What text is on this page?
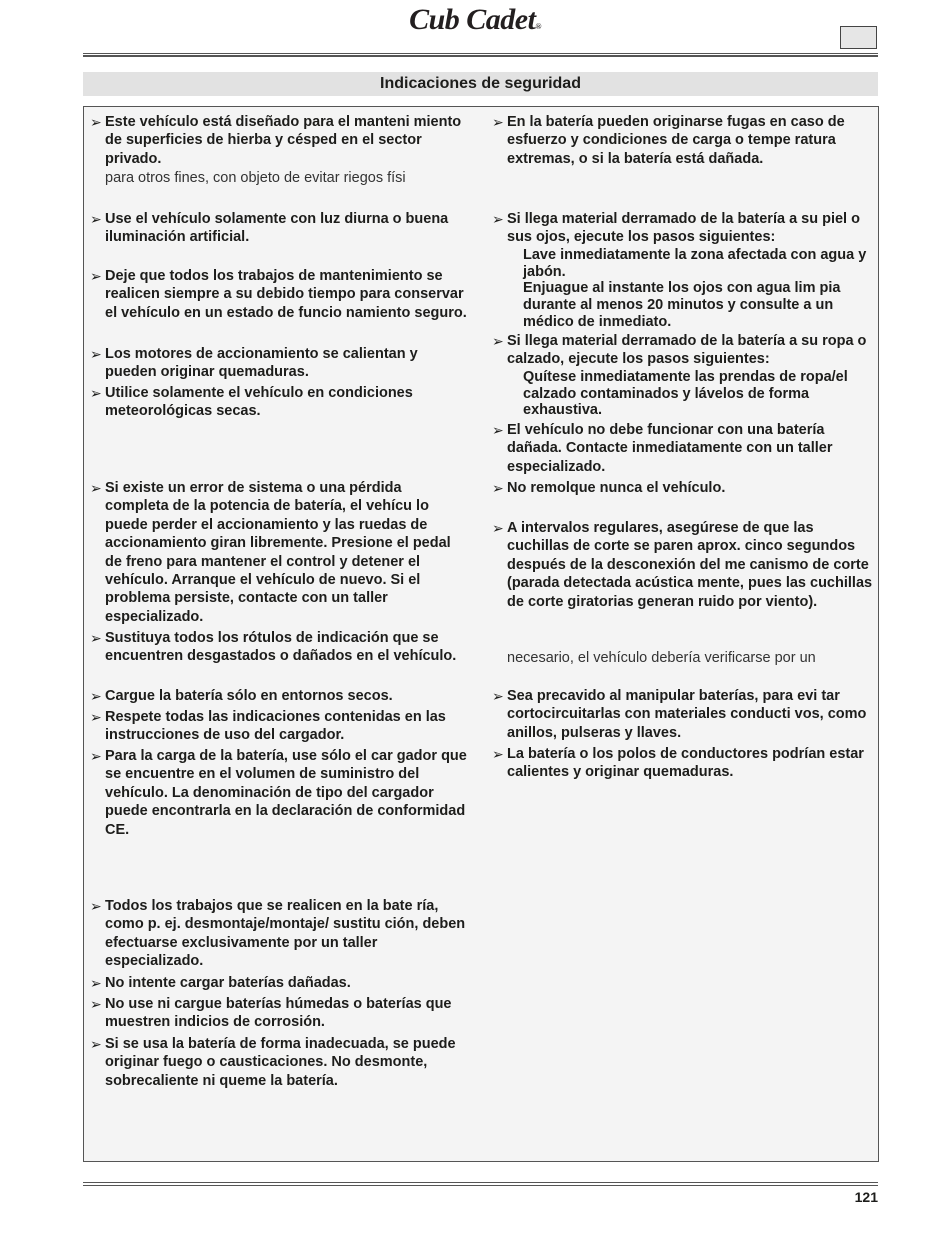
Cub Cadet®
Indicaciones de seguridad
➢ Este vehículo está diseñado para el manteni miento de superficies de hierba y césped en el sector privado.
para otros fines, con objeto de evitar riegos físi
➢ Use el vehículo solamente con luz diurna o buena iluminación artificial.
➢ Deje que todos los trabajos de mantenimiento se realicen siempre a su debido tiempo para conservar el vehículo en un estado de funcio namiento seguro.
➢ Los motores de accionamiento se calientan y pueden originar quemaduras.
➢ Utilice solamente el vehículo en condiciones meteorológicas secas.
➢ Si existe un error de sistema o una pérdida completa de la potencia de batería, el vehícu lo puede perder el accionamiento y las ruedas de accionamiento giran libremente. Presione el pedal de freno para mantener el control y detener el vehículo. Arranque el vehículo de nuevo. Si el problema persiste, contacte con un taller especializado.
➢ Sustituya todos los rótulos de indicación que se encuentren desgastados o dañados en el vehículo.
➢ Cargue la batería sólo en entornos secos.
➢ Respete todas las indicaciones contenidas en las instrucciones de uso del cargador.
➢ Para la carga de la batería, use sólo el car gador que se encuentre en el volumen de suministro del vehículo. La denominación de tipo del cargador puede encontrarla en la declaración de conformidad CE.
➢ Todos los trabajos que se realicen en la bate ría, como p. ej. desmontaje/montaje/ sustitu ción, deben efectuarse exclusivamente por un taller especializado.
➢ No intente cargar baterías dañadas.
➢ No use ni cargue baterías húmedas o baterías que muestren indicios de corrosión.
➢ Si se usa la batería de forma inadecuada, se puede originar fuego o causticaciones. No desmonte, sobrecaliente ni queme la batería.
➢ En la batería pueden originarse fugas en caso de esfuerzo y condiciones de carga o tempe ratura extremas, o si la batería está dañada.
➢ Si llega material derramado de la batería a su piel o sus ojos, ejecute los pasos siguientes:
Lave inmediatamente la zona afectada con agua y jabón.
Enjuague al instante los ojos con agua lim pia durante al menos 20 minutos y consulte a un médico de inmediato.
➢ Si llega material derramado de la batería a su ropa o calzado, ejecute los pasos siguientes:
Quítese inmediatamente las prendas de ropa/el calzado contaminados y lávelos de forma exhaustiva.
➢ El vehículo no debe funcionar con una batería dañada. Contacte inmediatamente con un taller especializado.
➢ No remolque nunca el vehículo.
➢ A intervalos regulares, asegúrese de que las cuchillas de corte se paren aprox. cinco segundos después de la desconexión del me canismo de corte (parada detectada acústica mente, pues las cuchillas de corte giratorias generan ruido por viento).
necesario, el vehículo debería verificarse por un
➢ Sea precavido al manipular baterías, para evi tar cortocircuitarlas con materiales conducti vos, como anillos, pulseras y llaves.
➢ La batería o los polos de conductores podrían estar calientes y originar quemaduras.
121
